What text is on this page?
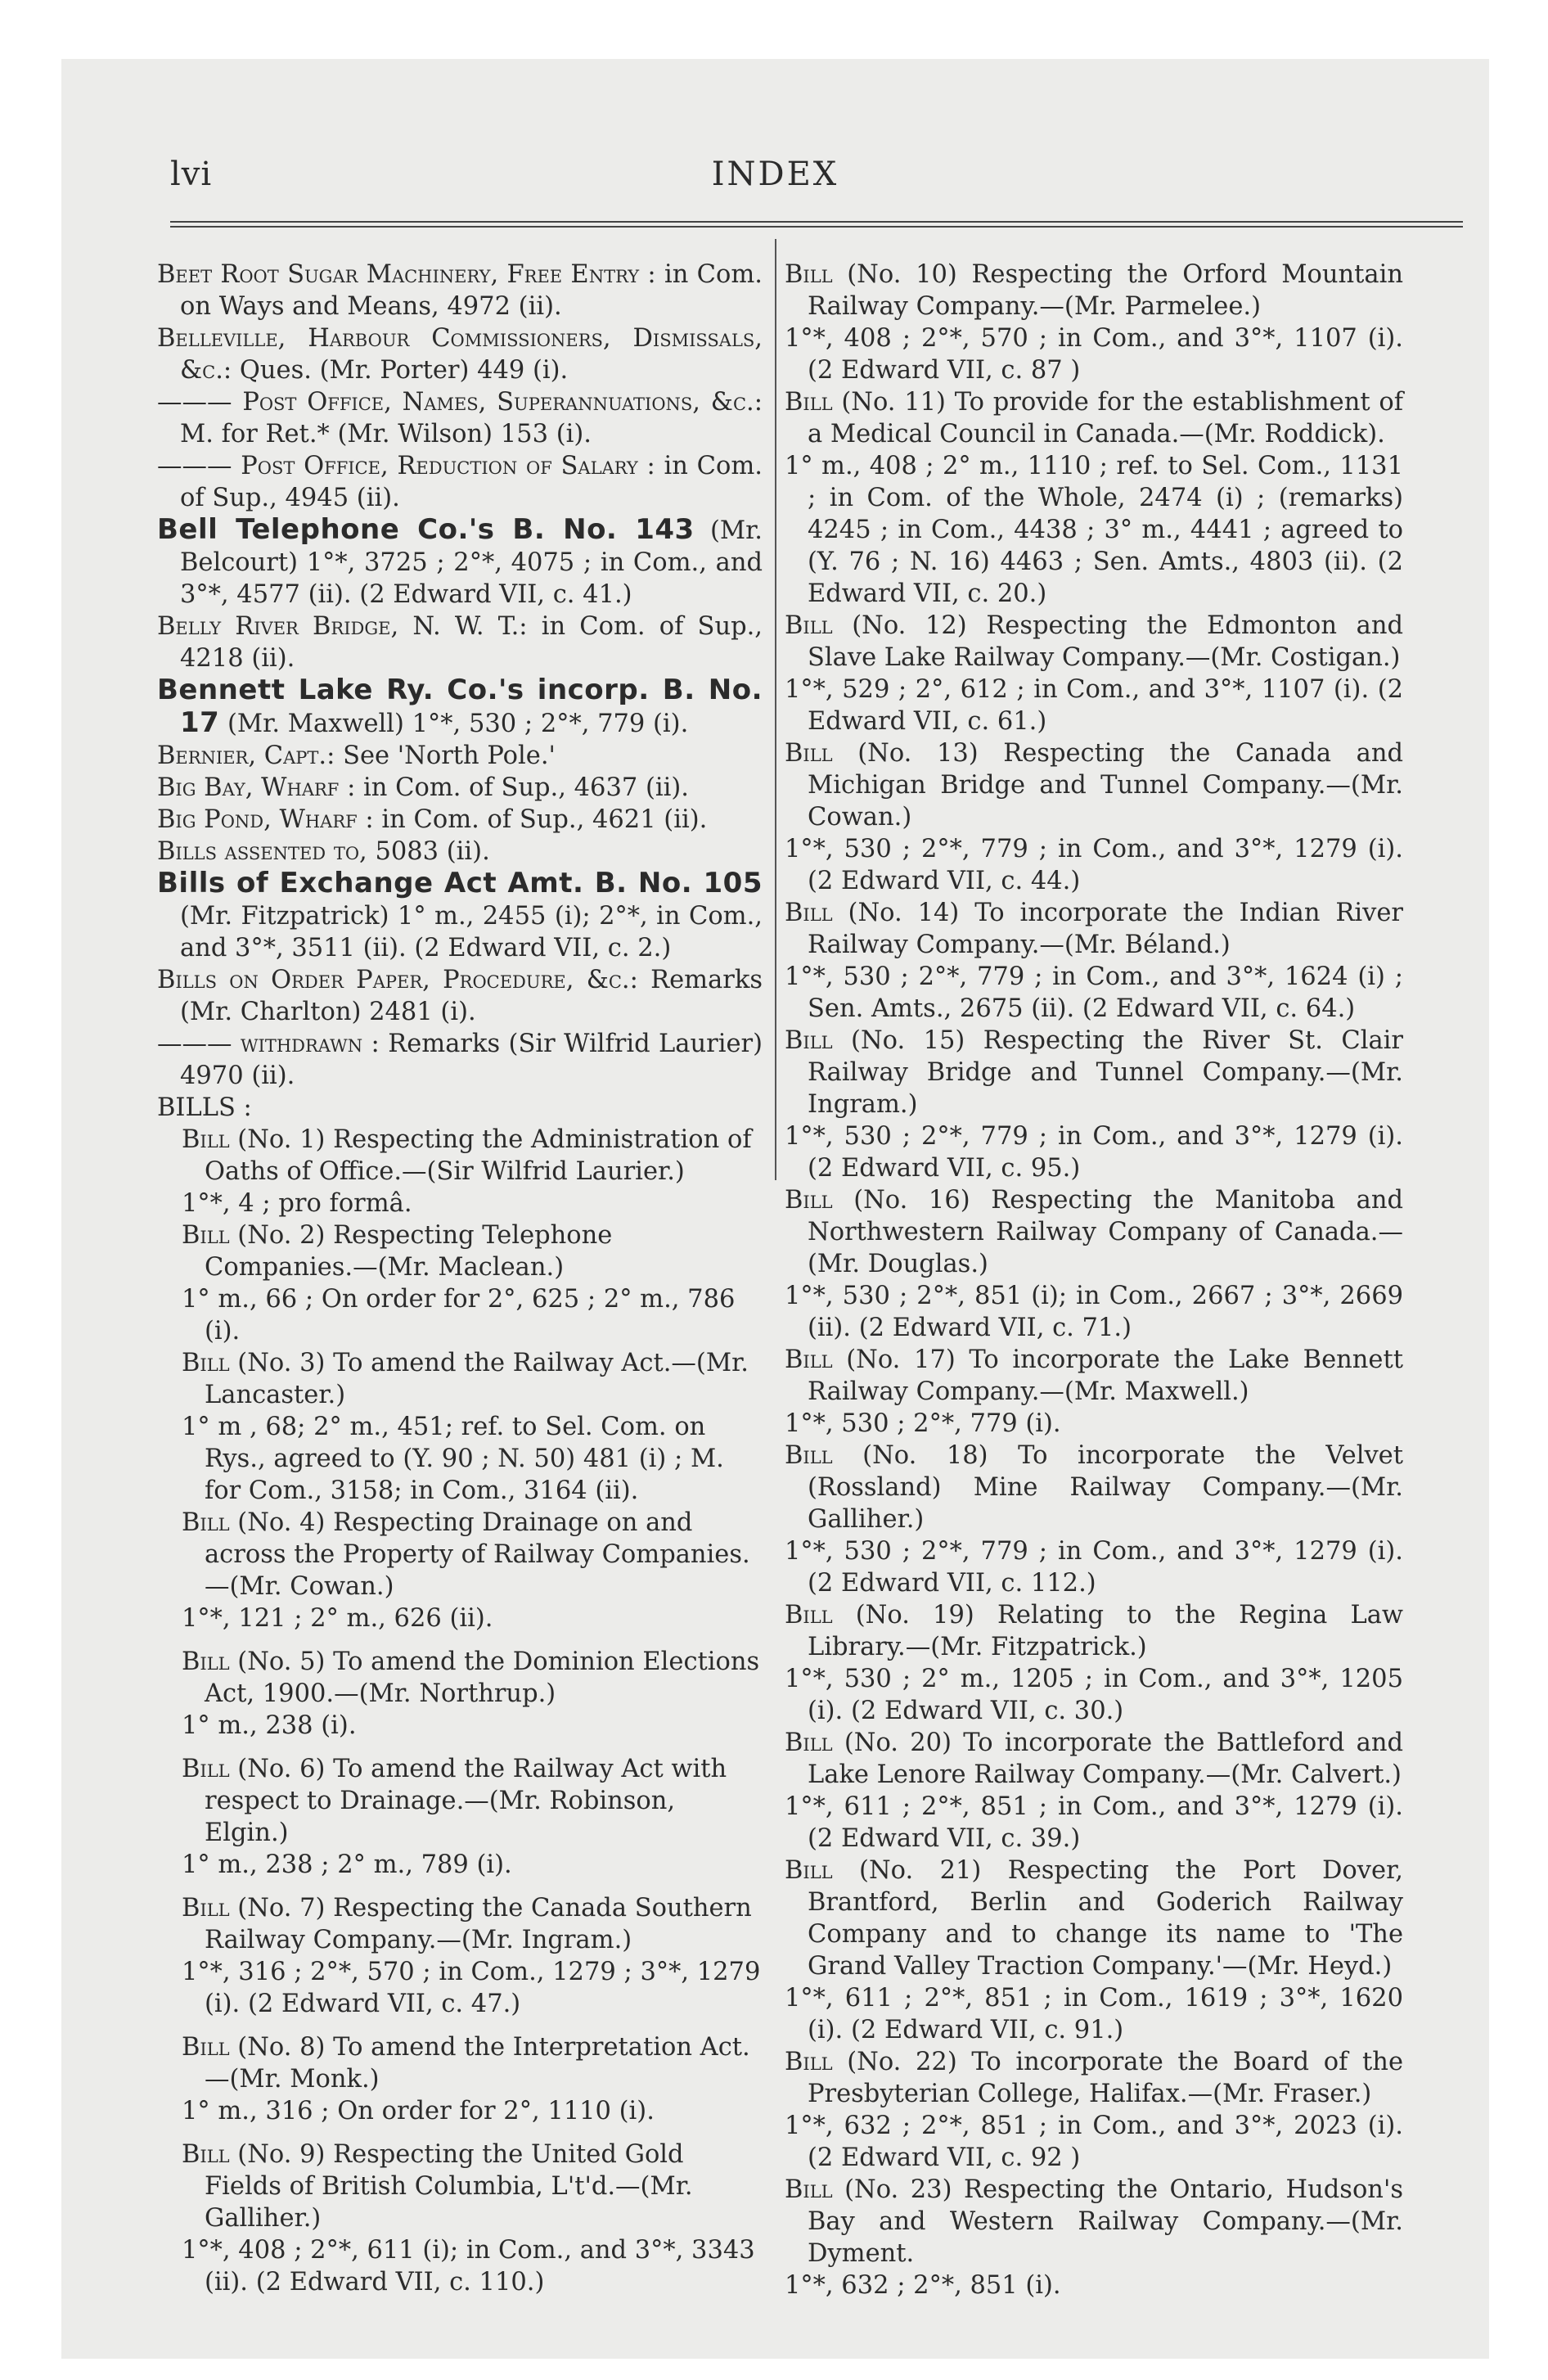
lvi	INDEX
Beet Root Sugar Machinery, Free Entry : in Com. on Ways and Means, 4972 (ii).
Belleville, Harbour Commissioners, Dismissals, &c.: Ques. (Mr. Porter) 449 (i).
——— Post Office, Names, Superannuations, &c.: M. for Ret.* (Mr. Wilson) 153 (i).
——— Post Office, Reduction of Salary : in Com. of Sup., 4945 (ii).
Bell Telephone Co.'s B. No. 143 (Mr. Belcourt) 1°*, 3725 ; 2°*, 4075 ; in Com., and 3°*, 4577 (ii). (2 Edward VII, c. 41.)
Belly River Bridge, N. W. T.: in Com. of Sup., 4218 (ii).
Bennett Lake Ry. Co.'s incorp. B. No. 17 (Mr. Maxwell) 1°*, 530 ; 2°*, 779 (i).
Bernier, Capt.: See 'North Pole.'
Big Bay, Wharf : in Com. of Sup., 4637 (ii).
Big Pond, Wharf : in Com. of Sup., 4621 (ii).
Bills assented to, 5083 (ii).
Bills of Exchange Act Amt. B. No. 105 (Mr. Fitzpatrick) 1° m., 2455 (i); 2°*, in Com., and 3°*, 3511 (ii). (2 Edward VII, c. 2.)
Bills on Order Paper, Procedure, &c.: Remarks (Mr. Charlton) 2481 (i).
——— withdrawn : Remarks (Sir Wilfrid Laurier) 4970 (ii).
BILLS :
Bill (No. 1) Respecting the Administration of Oaths of Office.—(Sir Wilfrid Laurier.)
1°*, 4 ; pro formâ.
Bill (No. 2) Respecting Telephone Companies.—(Mr. Maclean.)
1° m., 66 ; On order for 2°, 625 ; 2° m., 786 (i).
Bill (No. 3) To amend the Railway Act.—(Mr. Lancaster.)
1° m , 68; 2° m., 451; ref. to Sel. Com. on Rys., agreed to (Y. 90 ; N. 50) 481 (i) ; M. for Com., 3158; in Com., 3164 (ii).
Bill (No. 4) Respecting Drainage on and across the Property of Railway Companies.—(Mr. Cowan.)
1°*, 121 ; 2° m., 626 (ii).
Bill (No. 5) To amend the Dominion Elections Act, 1900.—(Mr. Northrup.)
1° m., 238 (i).
Bill (No. 6) To amend the Railway Act with respect to Drainage.—(Mr. Robinson, Elgin.)
1° m., 238 ; 2° m., 789 (i).
Bill (No. 7) Respecting the Canada Southern Railway Company.—(Mr. Ingram.)
1°*, 316 ; 2°*, 570 ; in Com., 1279 ; 3°*, 1279 (i). (2 Edward VII, c. 47.)
Bill (No. 8) To amend the Interpretation Act.—(Mr. Monk.)
1° m., 316 ; On order for 2°, 1110 (i).
Bill (No. 9) Respecting the United Gold Fields of British Columbia, L't'd.—(Mr. Galliher.)
1°*, 408 ; 2°*, 611 (i); in Com., and 3°*, 3343 (ii). (2 Edward VII, c. 110.)
Bill (No. 10) Respecting the Orford Mountain Railway Company.—(Mr. Parmelee.)
1°*, 408 ; 2°*, 570 ; in Com., and 3°*, 1107 (i). (2 Edward VII, c. 87 )
Bill (No. 11) To provide for the establishment of a Medical Council in Canada.—(Mr. Roddick).
1° m., 408 ; 2° m., 1110 ; ref. to Sel. Com., 1131 ; in Com. of the Whole, 2474 (i) ; (remarks) 4245 ; in Com., 4438 ; 3° m., 4441 ; agreed to (Y. 76 ; N. 16) 4463 ; Sen. Amts., 4803 (ii). (2 Edward VII, c. 20.)
Bill (No. 12) Respecting the Edmonton and Slave Lake Railway Company.—(Mr. Costigan.)
1°*, 529 ; 2°, 612 ; in Com., and 3°*, 1107 (i). (2 Edward VII, c. 61.)
Bill (No. 13) Respecting the Canada and Michigan Bridge and Tunnel Company.—(Mr. Cowan.)
1°*, 530 ; 2°*, 779 ; in Com., and 3°*, 1279 (i). (2 Edward VII, c. 44.)
Bill (No. 14) To incorporate the Indian River Railway Company.—(Mr. Béland.)
1°*, 530 ; 2°*, 779 ; in Com., and 3°*, 1624 (i) ; Sen. Amts., 2675 (ii). (2 Edward VII, c. 64.)
Bill (No. 15) Respecting the River St. Clair Railway Bridge and Tunnel Company.—(Mr. Ingram.)
1°*, 530 ; 2°*, 779 ; in Com., and 3°*, 1279 (i). (2 Edward VII, c. 95.)
Bill (No. 16) Respecting the Manitoba and Northwestern Railway Company of Canada.—(Mr. Douglas.)
1°*, 530 ; 2°*, 851 (i); in Com., 2667 ; 3°*, 2669 (ii). (2 Edward VII, c. 71.)
Bill (No. 17) To incorporate the Lake Bennett Railway Company.—(Mr. Maxwell.)
1°*, 530 ; 2°*, 779 (i).
Bill (No. 18) To incorporate the Velvet (Rossland) Mine Railway Company.—(Mr. Galliher.)
1°*, 530 ; 2°*, 779 ; in Com., and 3°*, 1279 (i). (2 Edward VII, c. 112.)
Bill (No. 19) Relating to the Regina Law Library.—(Mr. Fitzpatrick.)
1°*, 530 ; 2° m., 1205 ; in Com., and 3°*, 1205 (i). (2 Edward VII, c. 30.)
Bill (No. 20) To incorporate the Battleford and Lake Lenore Railway Company.—(Mr. Calvert.)
1°*, 611 ; 2°*, 851 ; in Com., and 3°*, 1279 (i). (2 Edward VII, c. 39.)
Bill (No. 21) Respecting the Port Dover, Brantford, Berlin and Goderich Railway Company and to change its name to 'The Grand Valley Traction Company.'—(Mr. Heyd.)
1°*, 611 ; 2°*, 851 ; in Com., 1619 ; 3°*, 1620 (i). (2 Edward VII, c. 91.)
Bill (No. 22) To incorporate the Board of the Presbyterian College, Halifax.—(Mr. Fraser.)
1°*, 632 ; 2°*, 851 ; in Com., and 3°*, 2023 (i). (2 Edward VII, c. 92 )
Bill (No. 23) Respecting the Ontario, Hudson's Bay and Western Railway Company.—(Mr. Dyment.
1°*, 632 ; 2°*, 851 (i).
